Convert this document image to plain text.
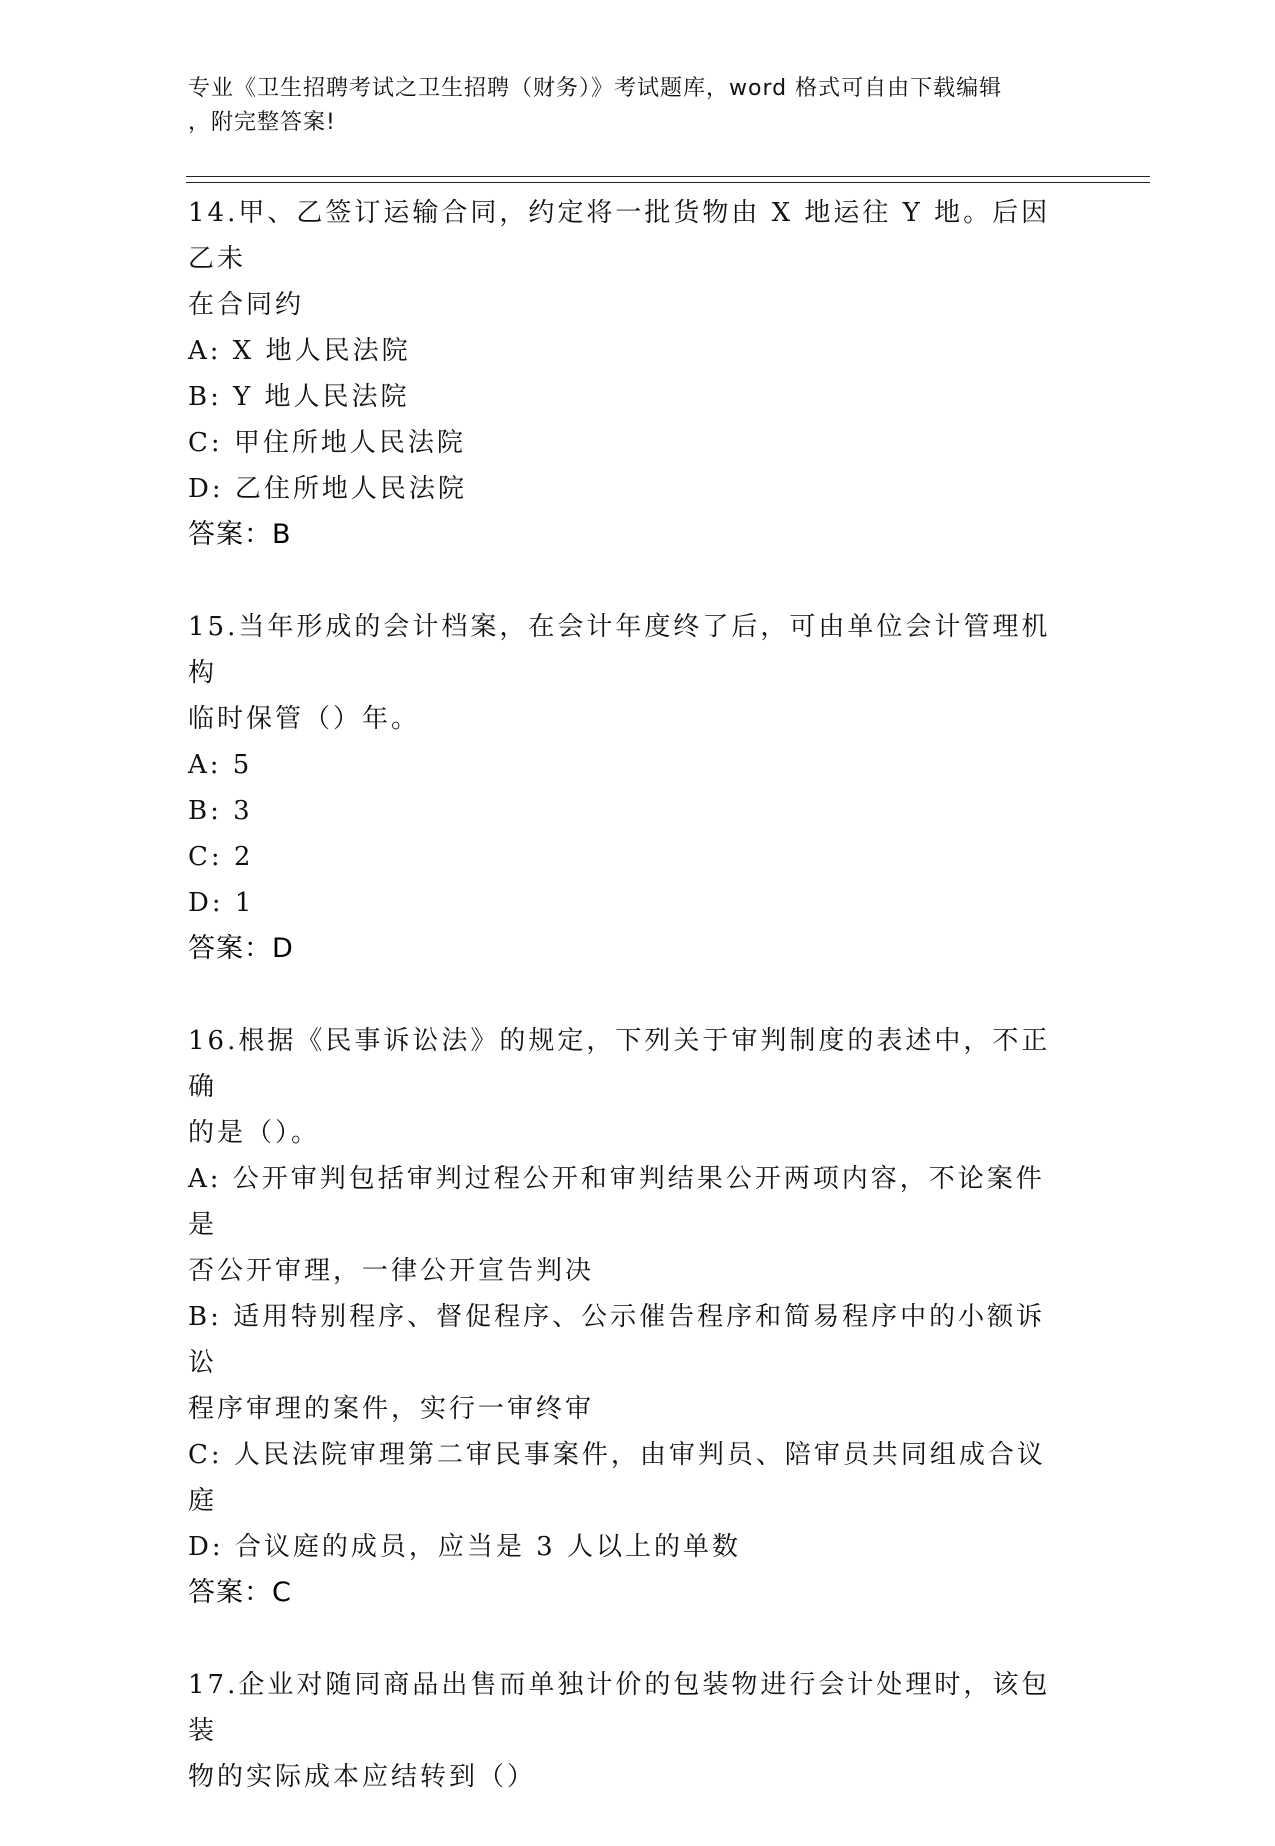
专业《卫生招聘考试之卫生招聘（财务）》考试题库，word 格式可自由下载编辑
，附完整答案!
14.甲、乙签订运输合同，约定将一批货物由 X 地运往 Y 地。后因乙未
在合同约
A: X 地人民法院
B: Y 地人民法院
C: 甲住所地人民法院
D: 乙住所地人民法院
答案：B
15.当年形成的会计档案，在会计年度终了后，可由单位会计管理机构
临时保管（）年。
A: 5
B: 3
C: 2
D: 1
答案：D
16.根据《民事诉讼法》的规定，下列关于审判制度的表述中，不正确
的是（）。
A: 公开审判包括审判过程公开和审判结果公开两项内容，不论案件是
否公开审理，一律公开宣告判决
B: 适用特别程序、督促程序、公示催告程序和简易程序中的小额诉讼
程序审理的案件，实行一审终审
C: 人民法院审理第二审民事案件，由审判员、陪审员共同组成合议庭
D: 合议庭的成员，应当是 3 人以上的单数
答案：C
17.企业对随同商品出售而单独计价的包装物进行会计处理时，该包装
物的实际成本应结转到（）
